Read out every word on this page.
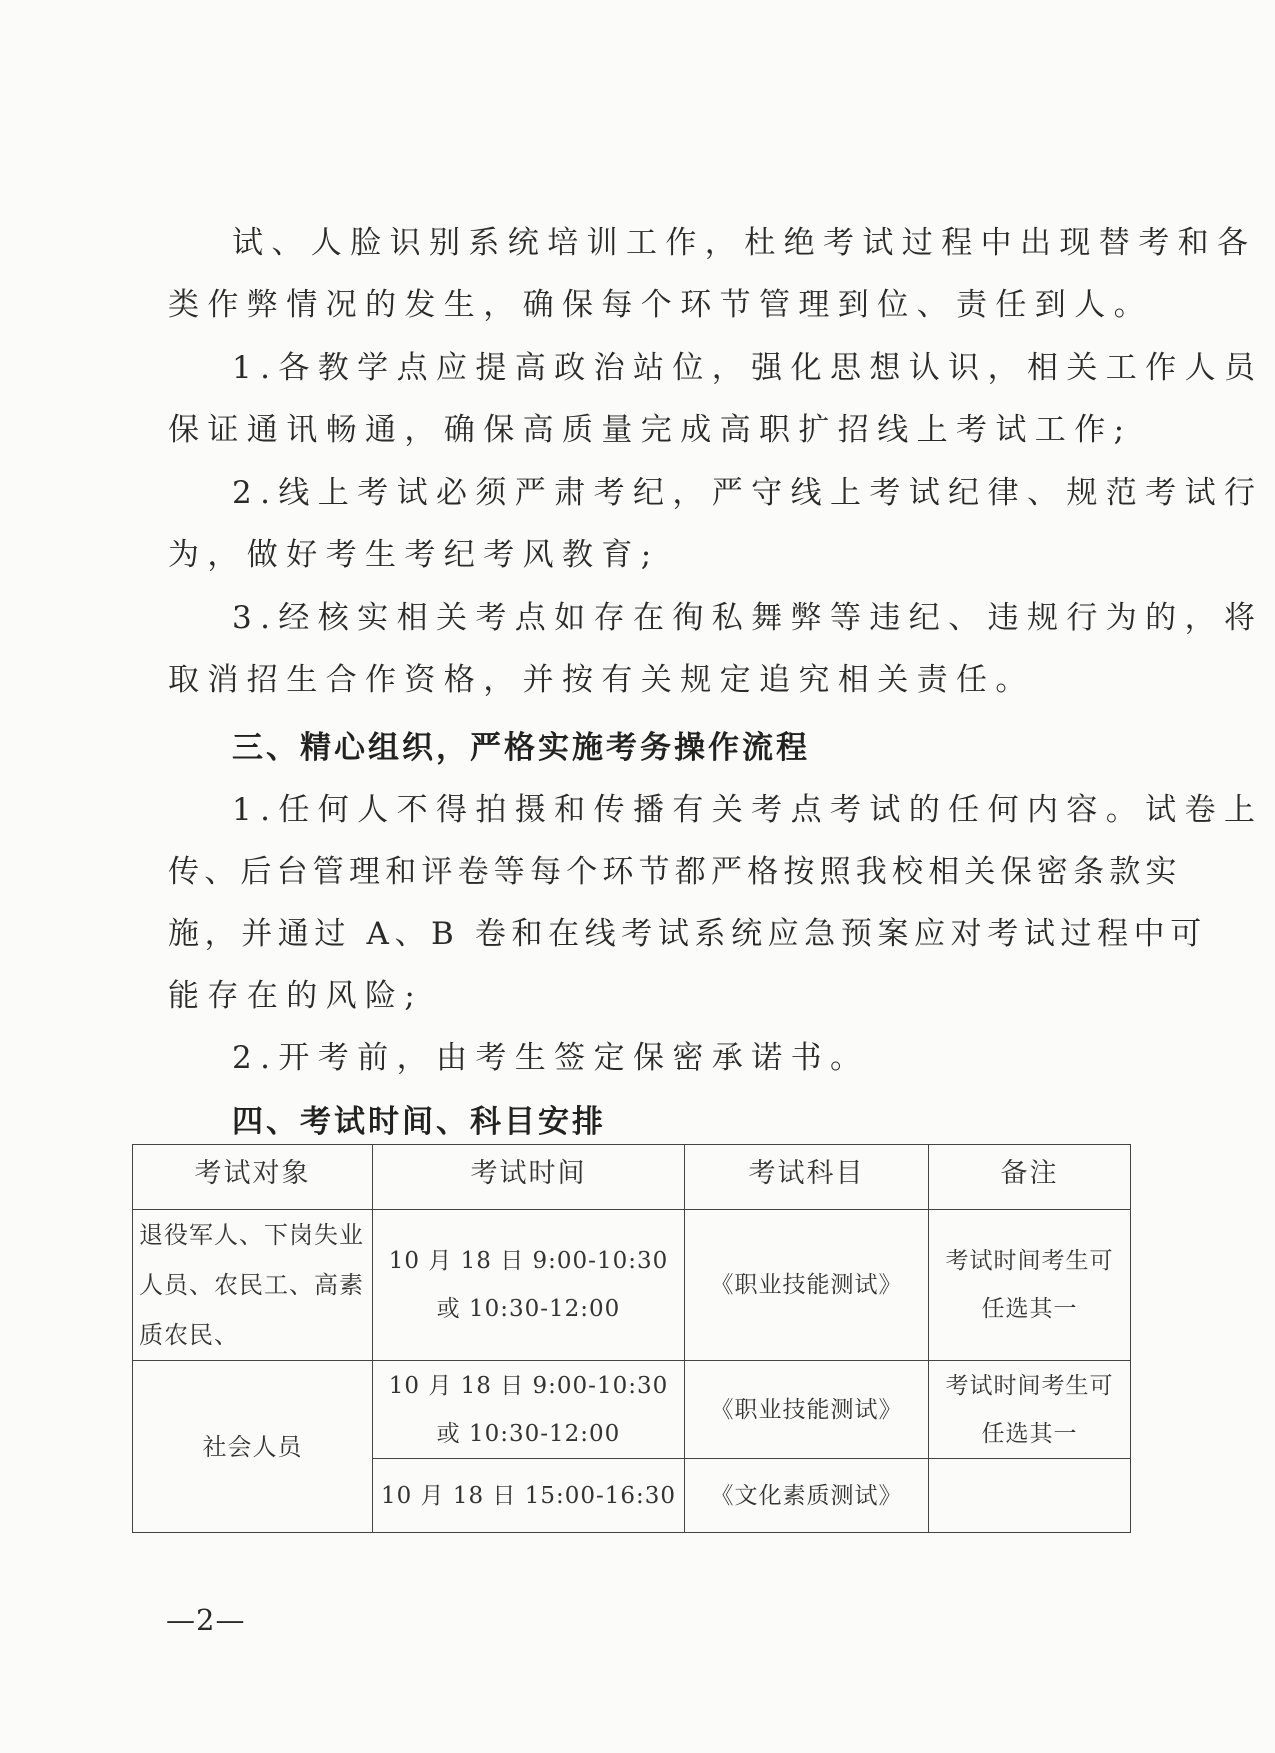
试、人脸识别系统培训工作，杜绝考试过程中出现替考和各
类作弊情况的发生，确保每个环节管理到位、责任到人。
1.各教学点应提高政治站位，强化思想认识，相关工作人员
保证通讯畅通，确保高质量完成高职扩招线上考试工作;
2.线上考试必须严肃考纪，严守线上考试纪律、规范考试行
为，做好考生考纪考风教育;
3.经核实相关考点如存在徇私舞弊等违纪、违规行为的，将
取消招生合作资格，并按有关规定追究相关责任。
三、精心组织，严格实施考务操作流程
1.任何人不得拍摄和传播有关考点考试的任何内容。试卷上
传、后台管理和评卷等每个环节都严格按照我校相关保密条款实
施，并通过 A、B 卷和在线考试系统应急预案应对考试过程中可
能存在的风险;
2.开考前，由考生签定保密承诺书。
四、考试时间、科目安排
考试对象	考试时间	考试科目	备注
退役军人、下岗失业人员、农民工、高素质农民、	10 月 18 日 9:00-10:30 或 10:30-12:00	《职业技能测试》	考试时间考生可任选其一
社会人员	10 月 18 日 9:00-10:30 或 10:30-12:00	《职业技能测试》	考试时间考生可任选其一
	10 月 18 日 15:00-16:30	《文化素质测试》	
—2—
